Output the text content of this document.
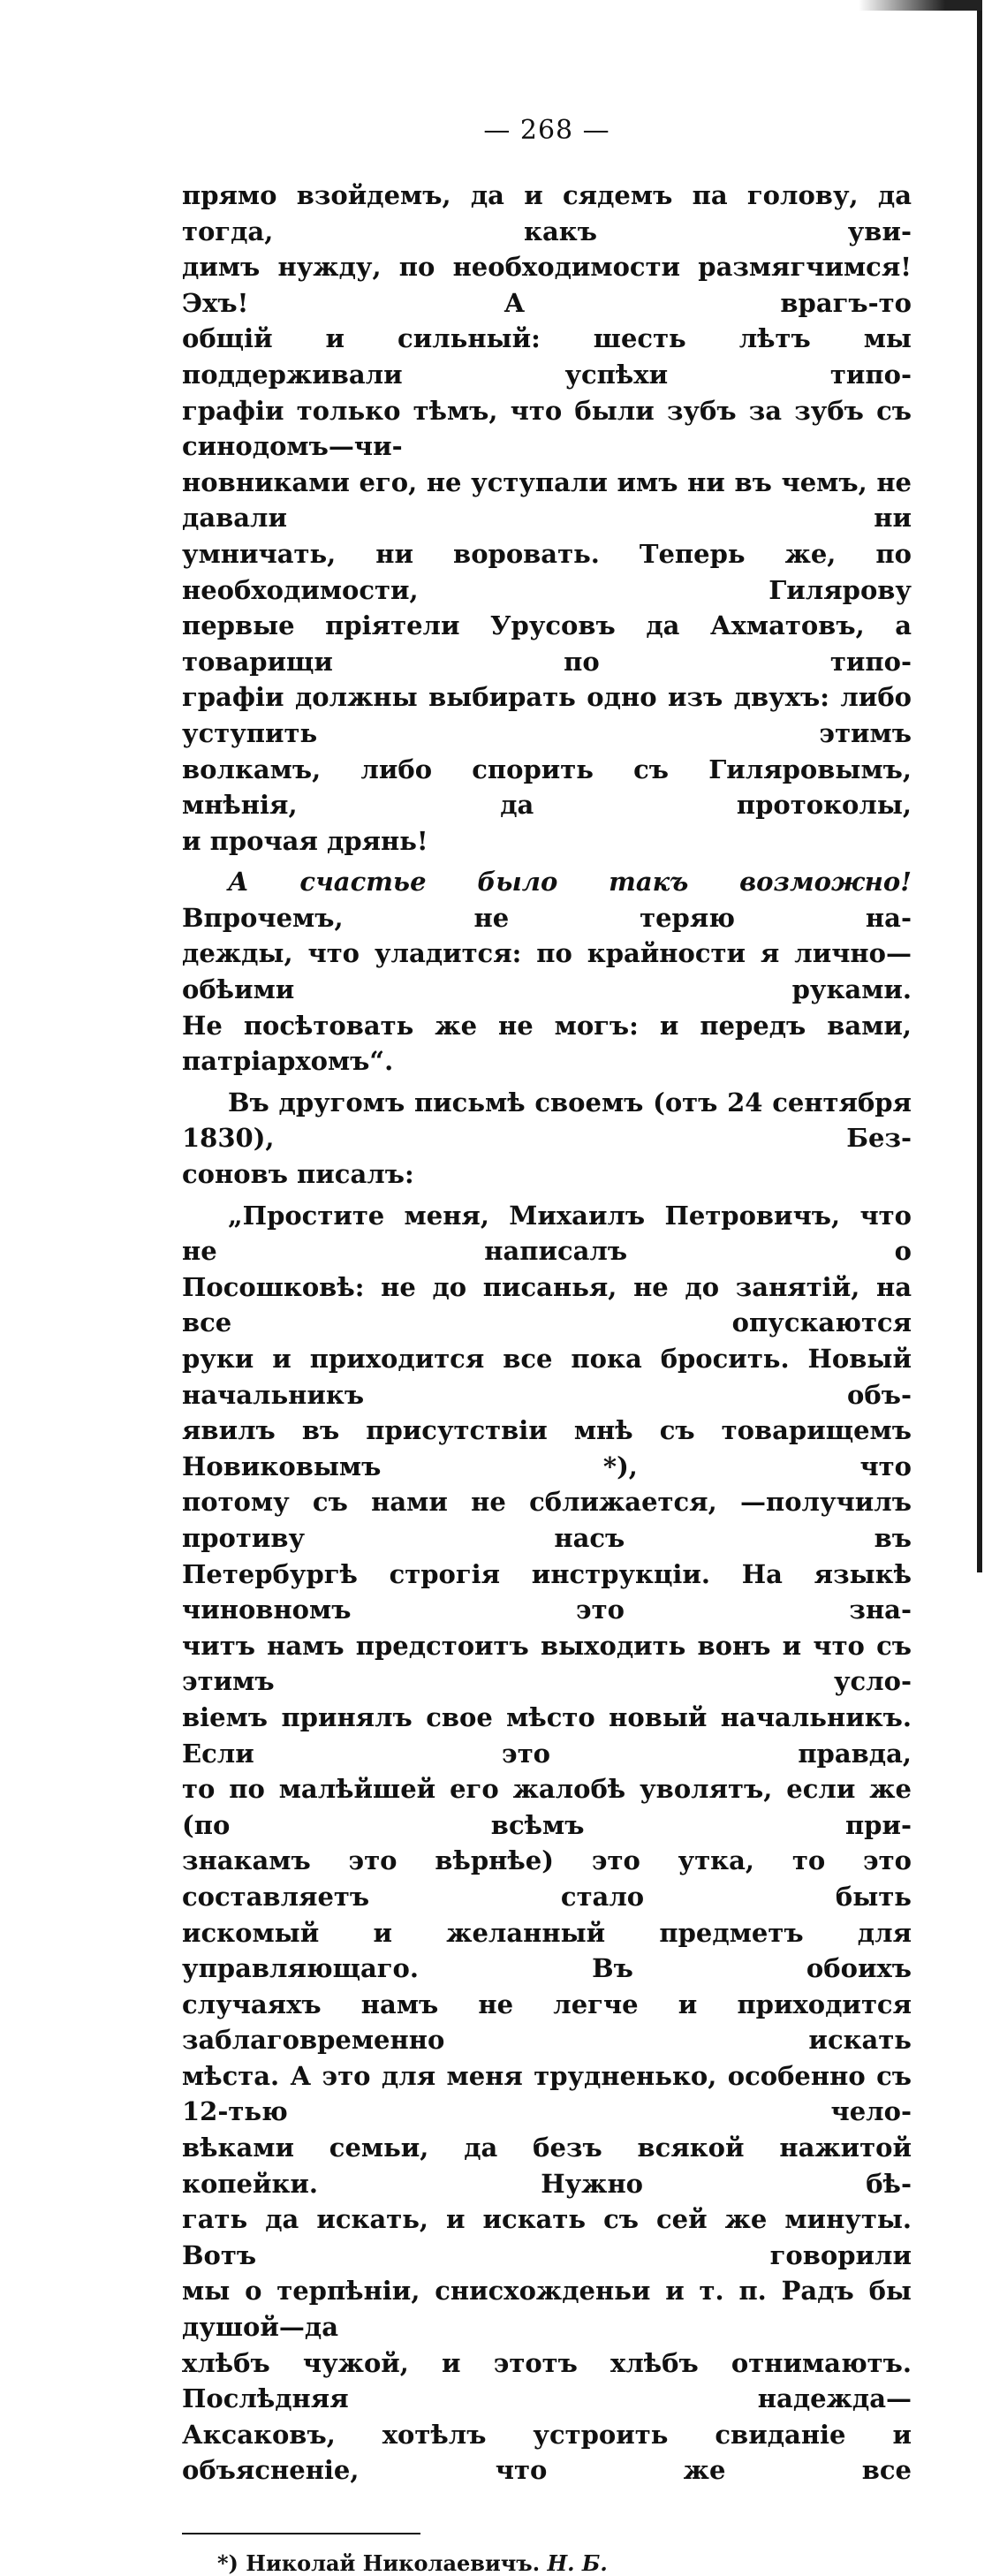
— 268 —
прямо взойдемъ, да и сядемъ па голову, да тогда, какъ уви-
димъ нужду, по необходимости размягчимся! Эхъ! А врагъ-то
общій и сильный: шесть лѣтъ мы поддерживали успѣхи типо-
графіи только тѣмъ, что были зубъ за зубъ съ синодомъ—чи-
новниками его, не уступали имъ ни въ чемъ, не давали ни
умничать, ни воровать. Теперь же, по необходимости, Гилярову
первые пріятели Урусовъ да Ахматовъ, а товарищи по типо-
графіи должны выбирать одно изъ двухъ: либо уступить этимъ
волкамъ, либо спорить съ Гиляровымъ, мнѣнія, да протоколы,
и прочая дрянь!
А счастье было такъ возможно! Впрочемъ, не теряю на-
дежды, что уладится: по крайности я лично—обѣими руками.
Не посѣтовать же не могъ: и передъ вами, патріархомъ“.
Въ другомъ письмѣ своемъ (отъ 24 сентября 1830), Без-
соновъ писалъ:
„Простите меня, Михаилъ Петровичъ, что не написалъ о
Посошковѣ: не до писанья, не до занятій, на все опускаются
руки и приходится все пока бросить. Новый начальникъ объ-
явилъ въ присутствіи мнѣ съ товарищемъ Новиковымъ *), что
потому съ нами не сближается, —получилъ противу насъ въ
Петербургѣ строгія инструкціи. На языкѣ чиновномъ это зна-
читъ намъ предстоитъ выходить вонъ и что съ этимъ усло-
віемъ принялъ свое мѣсто новый начальникъ. Если это правда,
то по малѣйшей его жалобѣ уволятъ, если же (по всѣмъ при-
знакамъ это вѣрнѣе) это утка, то это составляетъ стало быть
искомый и желанный предметъ для управляющаго. Въ обоихъ
случаяхъ намъ не легче и приходится заблаговременно искать
мѣста. А это для меня трудненько, особенно съ 12-тью чело-
вѣками семьи, да безъ всякой нажитой копейки. Нужно бѣ-
гать да искать, и искать съ сей же минуты. Вотъ говорили
мы о терпѣніи, снисхожденьи и т. п. Радъ бы душой—да
хлѣбъ чужой, и этотъ хлѣбъ отнимаютъ. Послѣдняя надежда—
Аксаковъ, хотѣлъ устроить свиданіе и объясненіе, что же все
*) Николай Николаевичъ. Н. Б.
